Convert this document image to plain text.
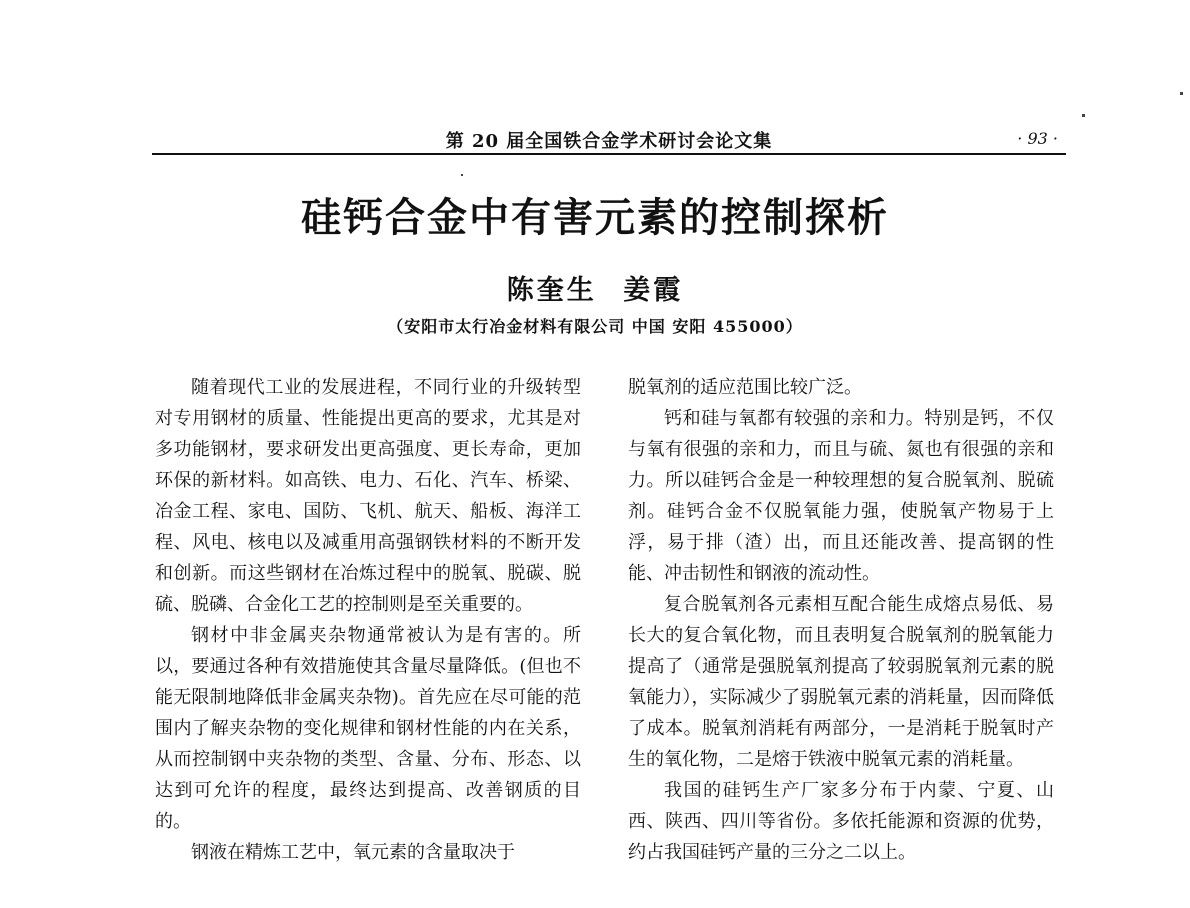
第 20 届全国铁合金学术研讨会论文集	· 93 ·
硅钙合金中有害元素的控制探析
陈奎生 姜霞
（安阳市太行冶金材料有限公司 中国 安阳 455000）

随着现代工业的发展进程，不同行业的升级转型对专用钢材的质量、性能提出更高的要求，尤其是对多功能钢材，要求研发出更高强度、更长寿命，更加环保的新材料。如高铁、电力、石化、汽车、桥梁、冶金工程、家电、国防、飞机、航天、船板、海洋工程、风电、核电以及减重用高强钢铁材料的不断开发和创新。而这些钢材在冶炼过程中的脱氧、脱碳、脱硫、脱磷、合金化工艺的控制则是至关重要的。

钢材中非金属夹杂物通常被认为是有害的。所以，要通过各种有效措施使其含量尽量降低。(但也不能无限制地降低非金属夹杂物)。首先应在尽可能的范围内了解夹杂物的变化规律和钢材性能的内在关系，从而控制钢中夹杂物的类型、含量、分布、形态、以达到可允许的程度，最终达到提高、改善钢质的目的。

钢液在精炼工艺中，氧元素的含量取决于

脱氧剂的适应范围比较广泛。

钙和硅与氧都有较强的亲和力。特别是钙，不仅与氧有很强的亲和力，而且与硫、氮也有很强的亲和力。所以硅钙合金是一种较理想的复合脱氧剂、脱硫剂。硅钙合金不仅脱氧能力强，使脱氧产物易于上浮，易于排（渣）出，而且还能改善、提高钢的性能、冲击韧性和钢液的流动性。

复合脱氧剂各元素相互配合能生成熔点易低、易长大的复合氧化物，而且表明复合脱氧剂的脱氧能力提高了（通常是强脱氧剂提高了较弱脱氧剂元素的脱氧能力），实际减少了弱脱氧元素的消耗量，因而降低了成本。脱氧剂消耗有两部分，一是消耗于脱氧时产生的氧化物，二是熔于铁液中脱氧元素的消耗量。

我国的硅钙生产厂家多分布于内蒙、宁夏、山西、陕西、四川等省份。多依托能源和资源的优势，约占我国硅钙产量的三分之二以上。
